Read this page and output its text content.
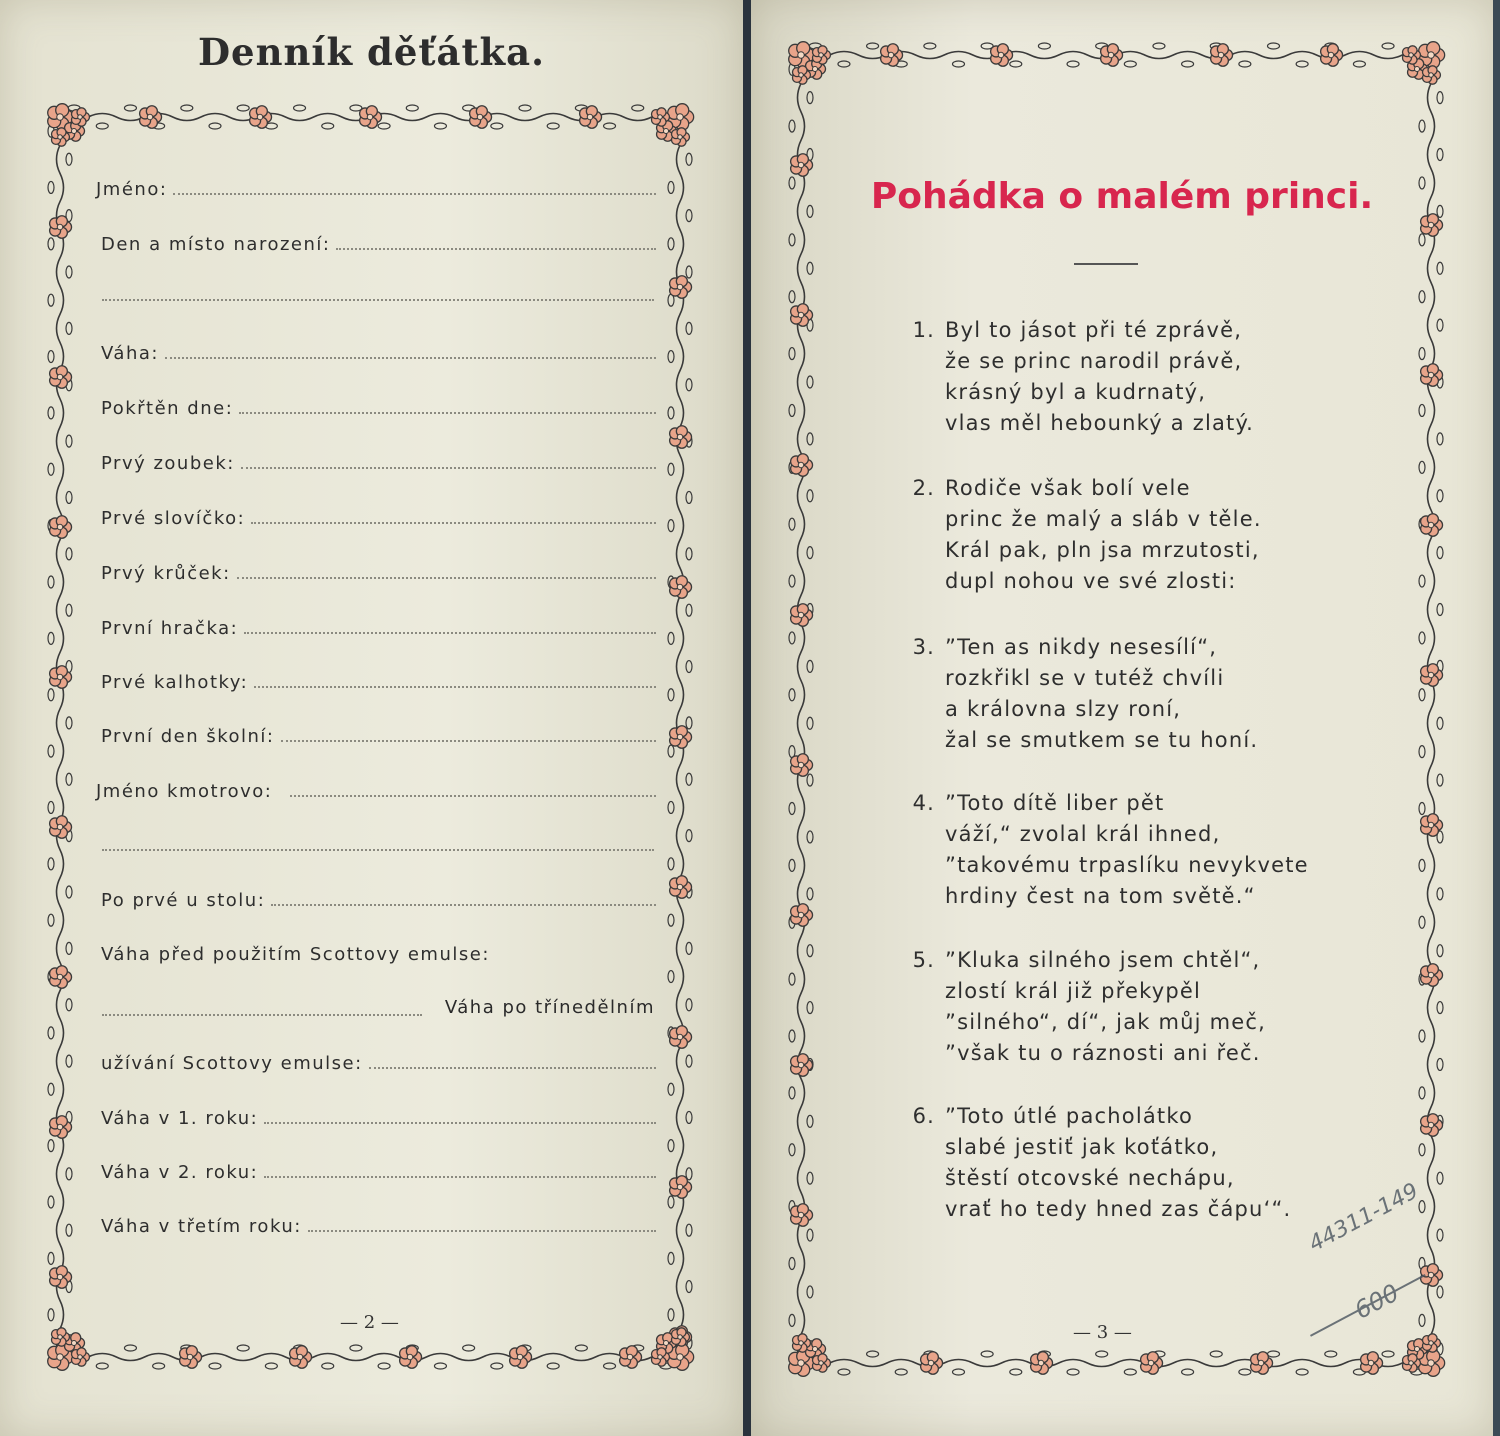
Denník děťátka.
Jméno:
Den a místo narození:
Váha:
Pokřtěn dne:
Prvý zoubek:
Prvé slovíčko:
Prvý krůček:
První hračka:
Prvé kalhotky:
První den školní:
Jméno kmotrovo:
Po prvé u stolu:
Váha před použitím Scottovy emulse:
Váha po třínedělním
užívání Scottovy emulse:
Váha v 1. roku:
Váha v 2. roku:
Váha v třetím roku:
— 2 —
Pohádka o malém princi.
1. Byl to jásot při té zprávě,
že se princ narodil právě,
krásný byl a kudrnatý,
vlas měl hebounký a zlatý.
2. Rodiče však bolí vele
princ že malý a sláb v těle.
Král pak, pln jsa mrzutosti,
dupl nohou ve své zlosti:
3. ”Ten as nikdy nesesílí“,
rozkřikl se v tutéž chvíli
a královna slzy roní,
žal se smutkem se tu honí.
4. ”Toto dítě liber pět
váží,“ zvolal král ihned,
”takovému trpaslíku nevykvete
hrdiny čest na tom světě.“
5. ”Kluka silného jsem chtěl“,
zlostí král již překypěl
”silného“, dí“, jak můj meč,
”však tu o ráznosti ani řeč.
6. ”Toto útlé pacholátko
slabé jestiť jak koťátko,
štěstí otcovské nechápu,
vrať ho tedy hned zas čápu‘“.
— 3 —
44311-149
600
